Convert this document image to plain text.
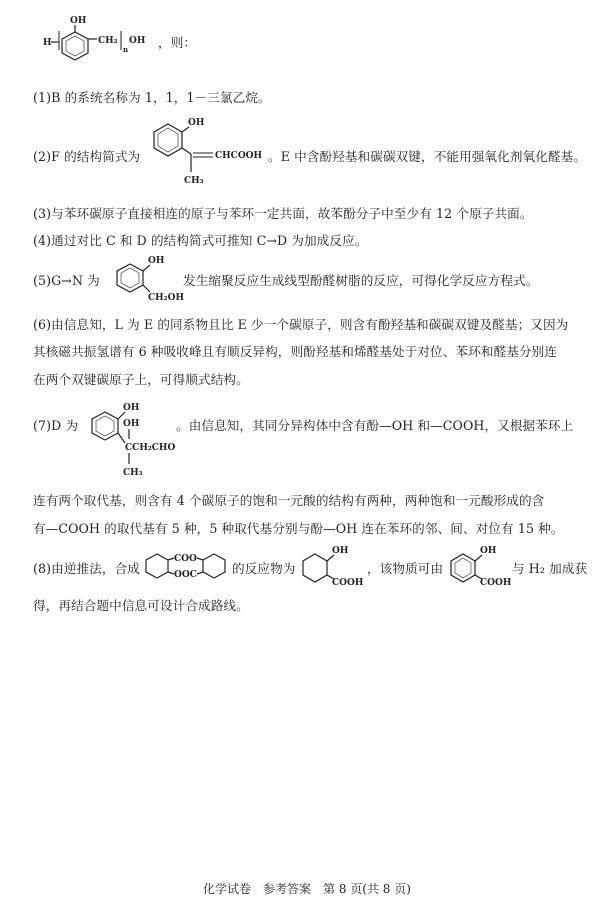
H
OH
CH₂
n
OH ，则：
(1)B 的系统名称为 1，1，1－三氯乙烷。
(2)F 的结构简式为
OH
CHCOOH
CH₃
。E 中含酚羟基和碳碳双键，不能用强氧化剂氧化醛基。
(3)与苯环碳原子直接相连的原子与苯环一定共面，故苯酚分子中至少有 12 个原子共面。
(4)通过对比 C 和 D 的结构简式可推知 C→D 为加成反应。
(5)G→N 为
OH
CH₂OH
发生缩聚反应生成线型酚醛树脂的反应，可得化学反应方程式。
(6)由信息知，L 为 E 的同系物且比 E 少一个碳原子，则含有酚羟基和碳碳双键及醛基；又因为
其核磁共振氢谱有 6 种吸收峰且有顺反异构，则酚羟基和烯醛基处于对位、苯环和醛基分别连
在两个双键碳原子上，可得顺式结构。
(7)D 为
OH
OH
CCH₂CHO
CH₃
。由信息知，其同分异构体中含有酚—OH 和—COOH，又根据苯环上
连有两个取代基，则含有 4 个碳原子的饱和一元酸的结构有两种，两种饱和一元酸形成的含
有—COOH 的取代基有 5 种，5 种取代基分别与酚—OH 连在苯环的邻、间、对位有 15 种。
(8)由逆推法，合成
COO
OOC	的反应物为
OH
COOH
，该物质可由
OH
COOH
与 H₂ 加成获
得，再结合题中信息可设计合成路线。
化学试卷　参考答案　第 8 页(共 8 页)
